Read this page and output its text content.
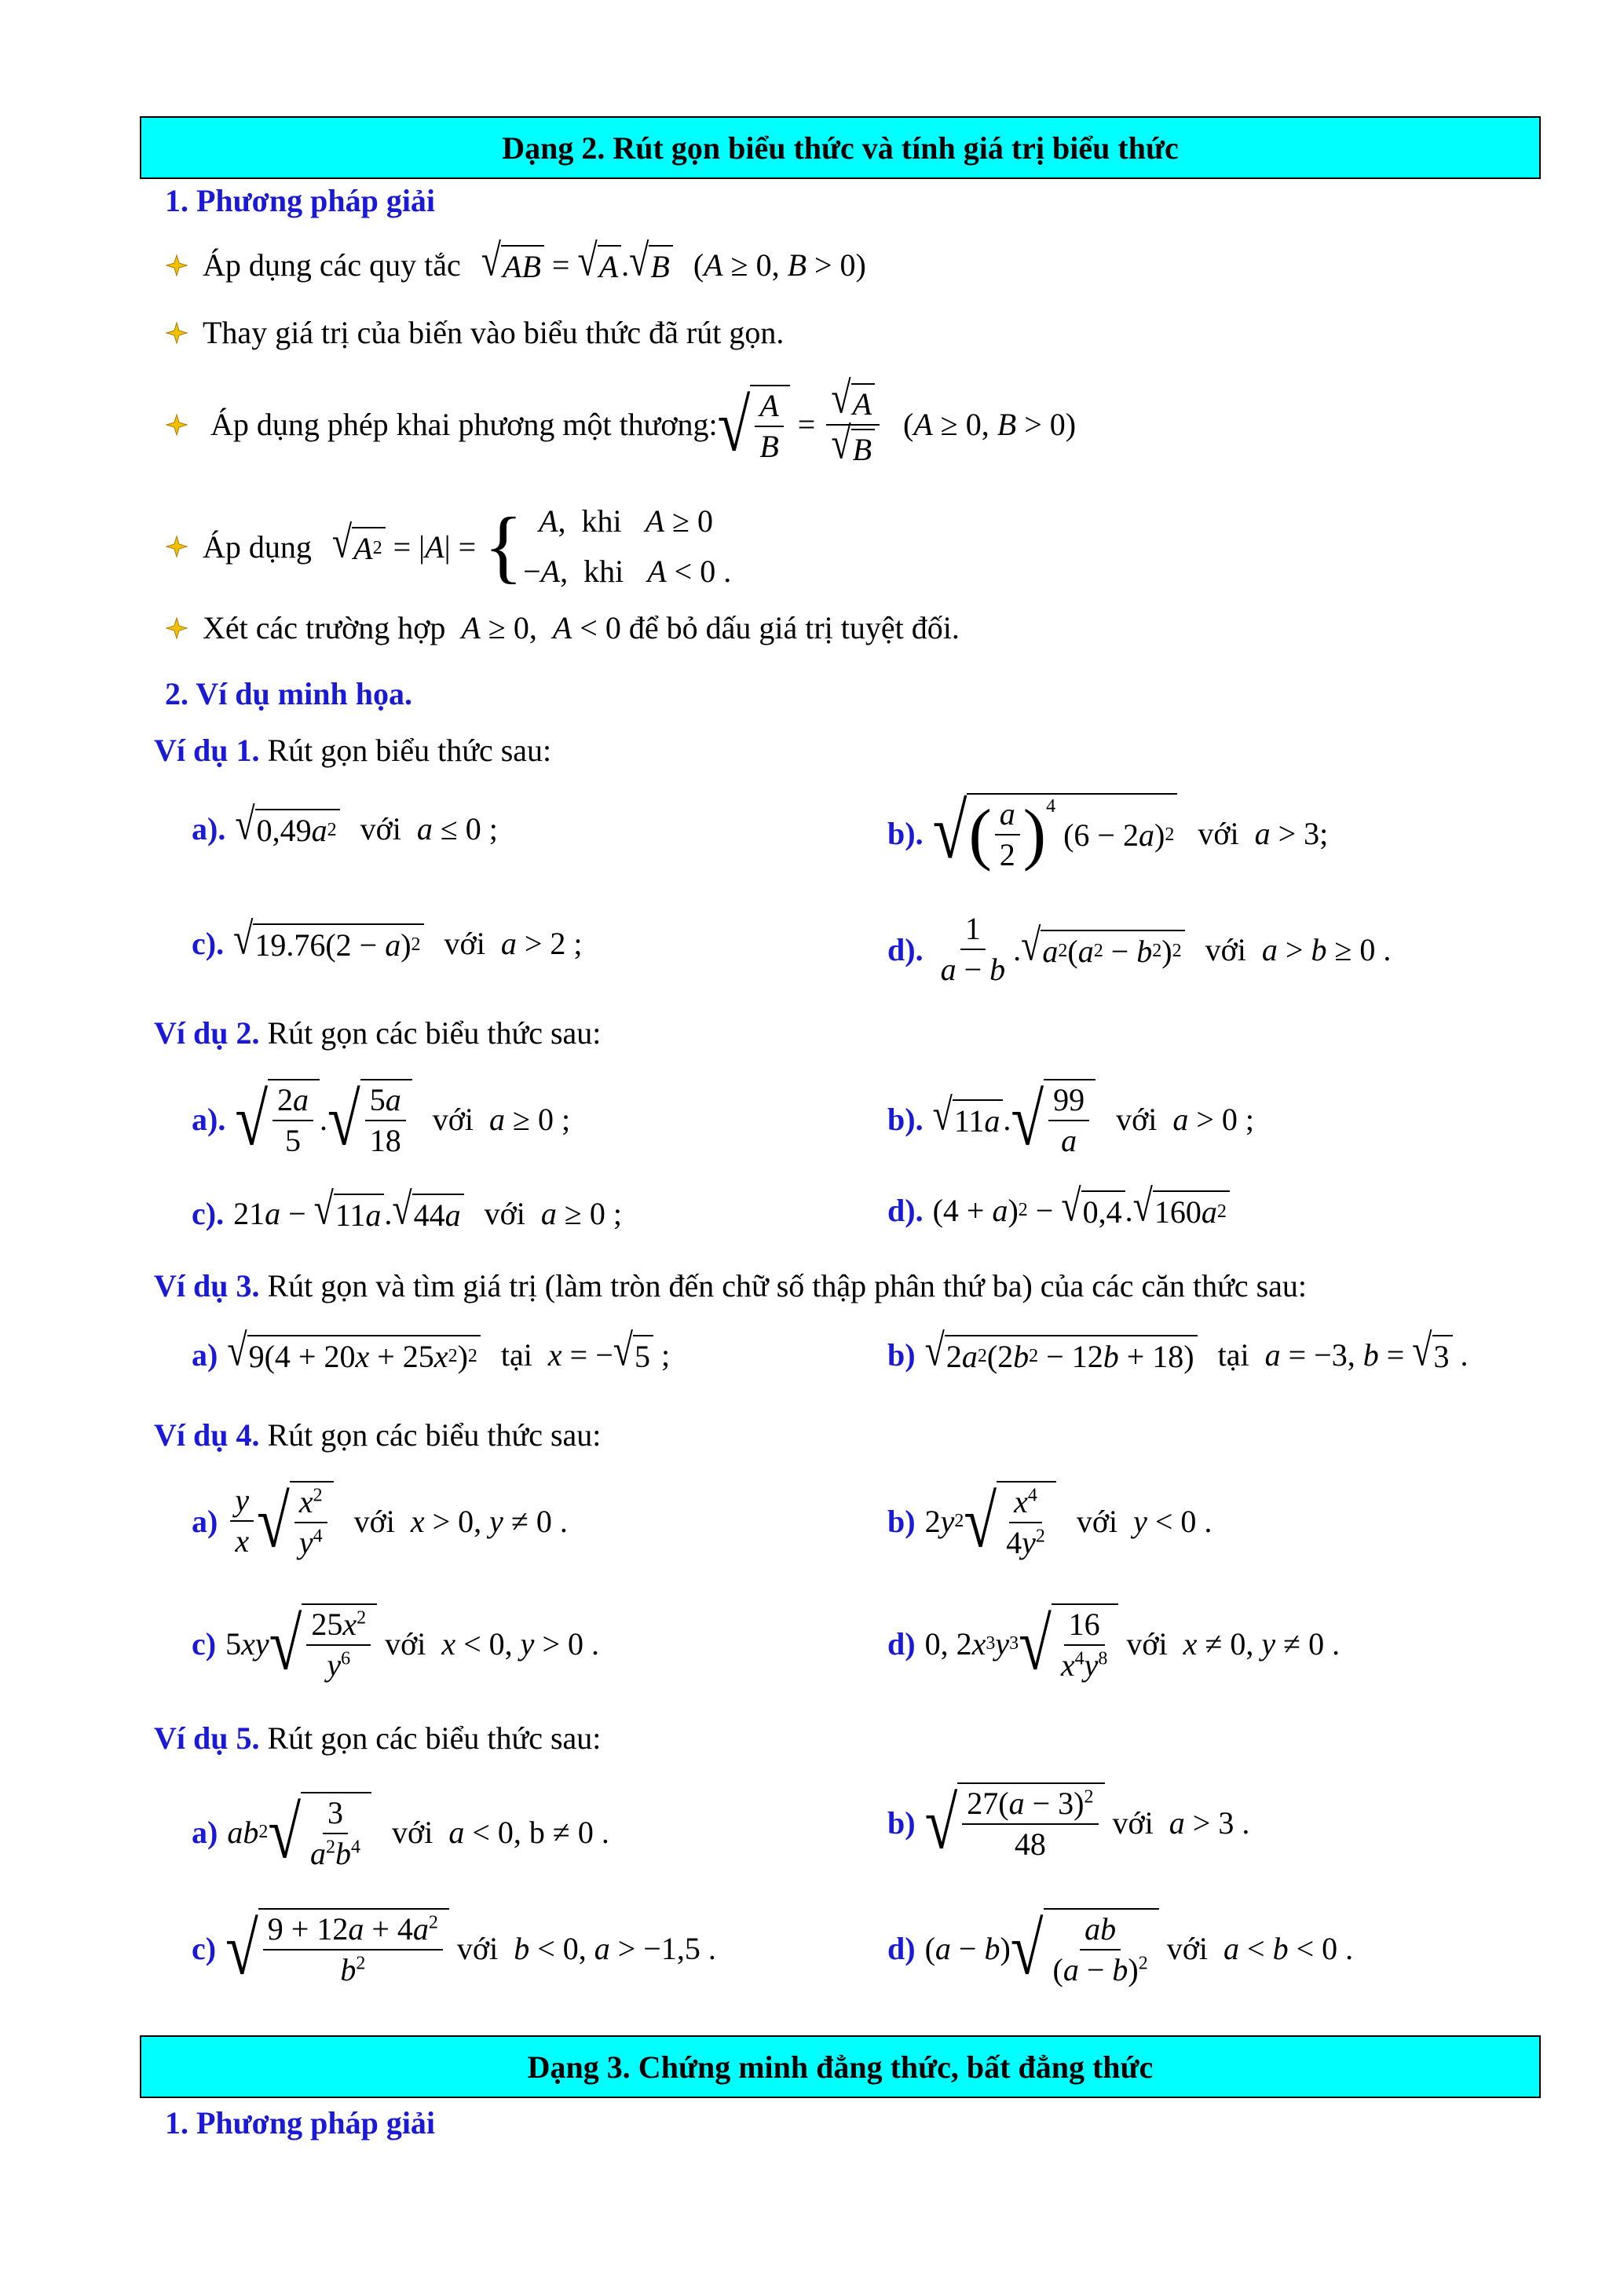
Dạng 2. Rút gọn biểu thức và tính giá trị biểu thức
1. Phương pháp giải
Áp dụng các quy tắc √ AB = √ A . √ B ( A ≥ 0, B > 0)
Thay giá trị của biến vào biểu thức đã rút gọn.
Áp dụng phép khai phương một thương: √ $\frac{A}{B} = \frac{√ A}{√ B}$ ( A ≥ 0, B > 0)
Áp dụng √ A 2 = | A | = { A,  khi A ≥ 0
−A,  khi A < 0 .
Xét các trường hợp
A ≥ 0, A < 0
để bỏ dấu giá trị tuyệt đối.
2. Ví dụ minh họa.
Ví dụ 1. Rút gọn biểu thức sau:
a). √ 0,49 a 2 với
a ≤ 0 ;	b). √ ( $\frac{a}{2} )^4$
(6 − 2 a ) 2 với
a > 3;
c). √ 19.76(2 − a ) 2 với
a > 2 ;	d). $\frac{1}{a - b}$ . √ a 2 ( a 2 − b 2 ) 2 với
a > b ≥ 0 .
Ví dụ 2. Rút gọn các biểu thức sau:
a). √ $\frac{2a}{5}$ . √ $\frac{5a}{18}$ với
a ≥ 0 ;	b). √ 11 a . √ $\frac{99}{a}$ với
a > 0 ;
c). 21 a − √ 11 a . √ 44 a với
a ≥ 0 ;	d). (4 + a ) 2 − √ 0,4 . √ 160 a 2
Ví dụ 3. Rút gọn và tìm giá trị (làm tròn đến chữ số thập phân thứ ba) của các căn thức sau:
a) √ 9(4 + 20 x + 25 x 2 ) 2 tại
x = − √ 5 ;	b) √ 2 a 2 (2 b 2 − 12 b + 18) tại
a = −3, b = √ 3 .
Ví dụ 4. Rút gọn các biểu thức sau:
$a) \frac{y}{x}$ √ $\frac{x^2}{y^4}$ với
x > 0, y ≠ 0 .	b) 2 y 2 √ $\frac{x^4}{4y^2}$ với
y < 0 .
c) 5 xy √ $\frac{25x^2}{y^6}$
với
x < 0, y > 0 .	d) 0, 2 x 3 y 3 √ $\frac{16}{x^4y^8}$
với
x ≠ 0, y ≠ 0 .
Ví dụ 5. Rút gọn các biểu thức sau:
a) ab 2 √ $\frac{3}{a^2b^4}$ với
a < 0, b ≠ 0 .	b) √ $\frac{27(a - 3)^2}{48}$
với
a > 3 .
c) √ $\frac{9 + 12a + 4a^2}{b^2}$
với
b < 0, a > −1,5 .	d) ( a − b ) √ $\frac{ab}{(a - b)^2}$
với
a < b < 0 .
Dạng 3. Chứng minh đẳng thức, bất đẳng thức
1. Phương pháp giải
